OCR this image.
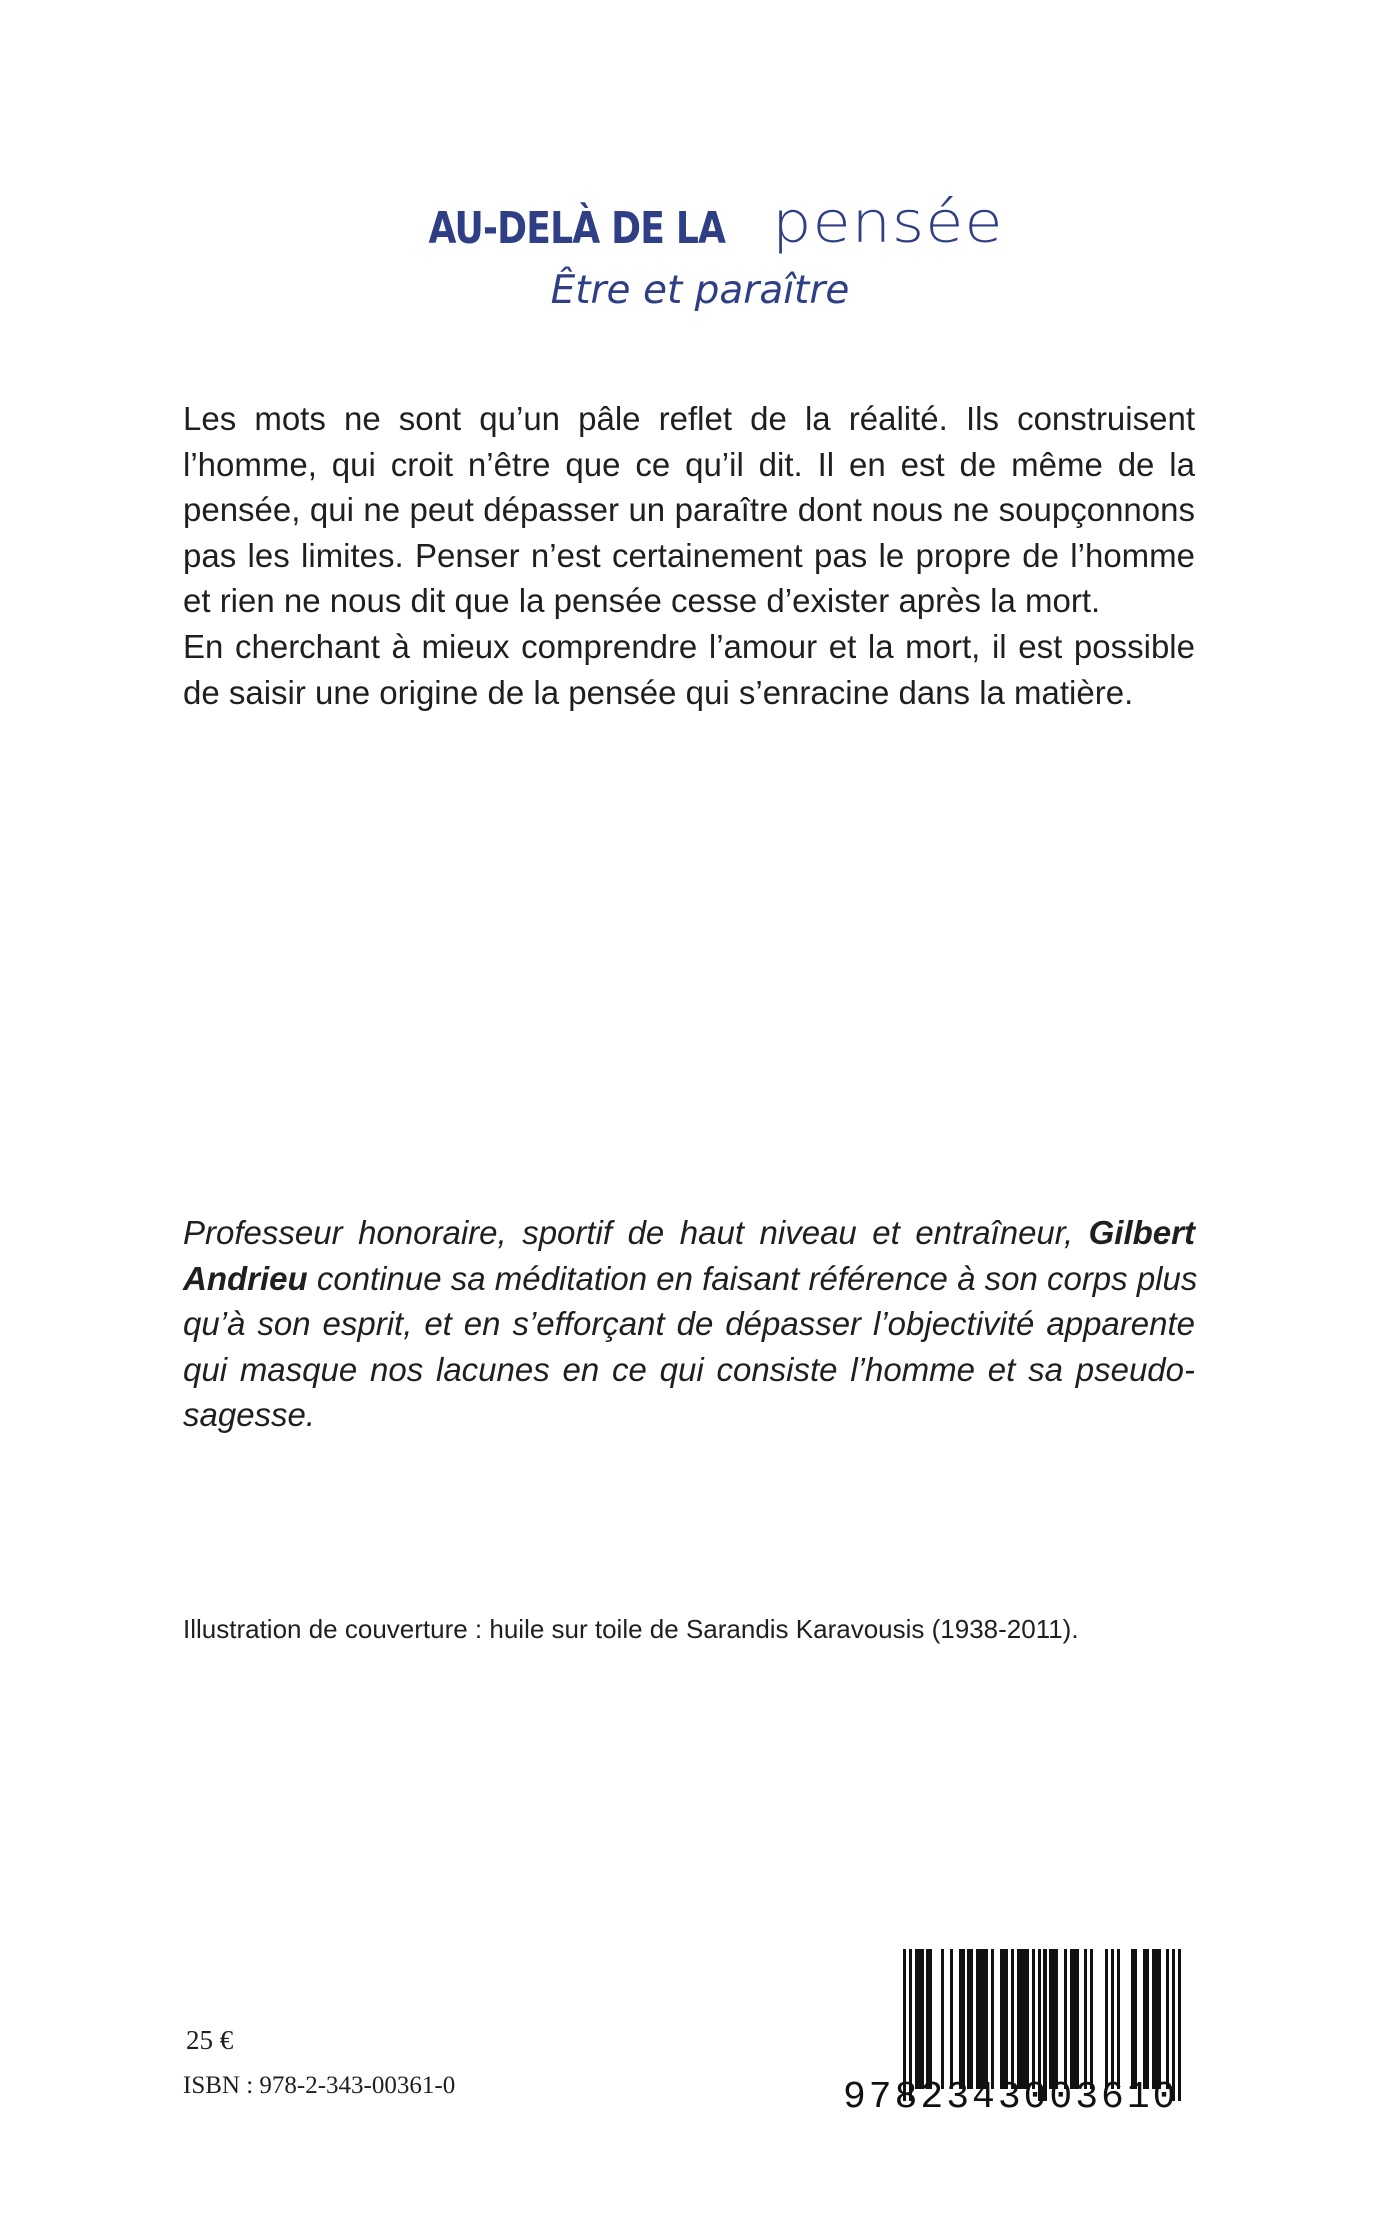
AU-DELÀ DE LA pensée
Être et paraître
Les mots ne sont qu’un pâle reflet de la réalité. Ils construisent
l’homme, qui croit n’être que ce qu’il dit. Il en est de même de la
pensée, qui ne peut dépasser un paraître dont nous ne soupçonnons
pas les limites. Penser n’est certainement pas le propre de l’homme
et rien ne nous dit que la pensée cesse d’exister après la mort.
En cherchant à mieux comprendre l’amour et la mort, il est possible
de saisir une origine de la pensée qui s’enracine dans la matière.
Professeur honoraire, sportif de haut niveau et entraîneur, Gilbert
Andrieu continue sa méditation en faisant référence à son corps plus
qu’à son esprit, et en s’efforçant de dépasser l’objectivité apparente
qui masque nos lacunes en ce qui consiste l’homme et sa pseudo-
sagesse.
Illustration de couverture : huile sur toile de Sarandis Karavousis (1938-2011).
25 €
ISBN : 978-2-343-00361-0	9782343003610
